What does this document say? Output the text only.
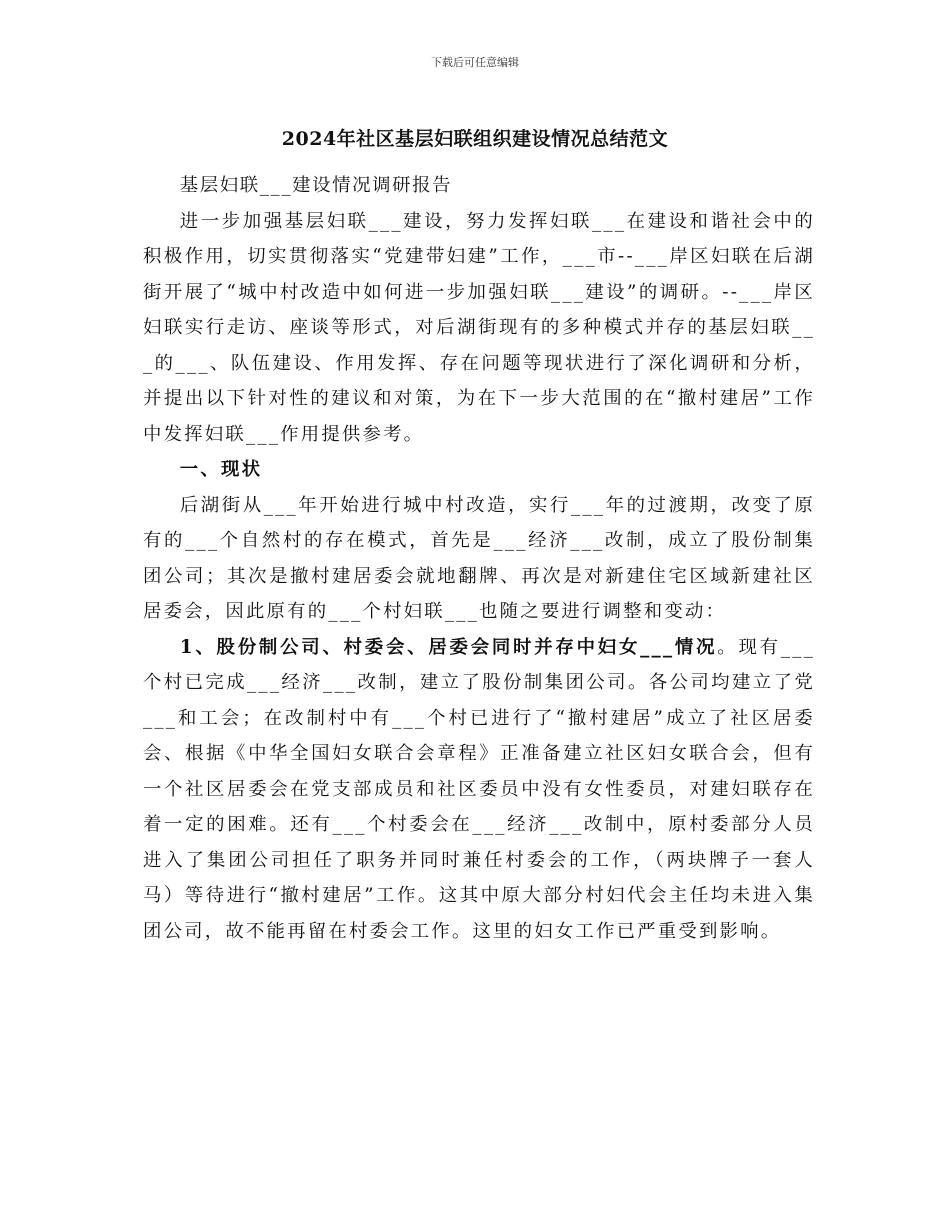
下载后可任意编辑
2024年社区基层妇联组织建设情况总结范文

基层妇联___建设情况调研报告

进一步加强基层妇联___建设，努力发挥妇联___在建设和谐社会中的积极作用，切实贯彻落实“党建带妇建”工作，___市--___岸区妇联在后湖街开展了“城中村改造中如何进一步加强妇联___建设”的调研。--___岸区妇联实行走访、座谈等形式，对后湖街现有的多种模式并存的基层妇联___的___、队伍建设、作用发挥、存在问题等现状进行了深化调研和分析，并提出以下针对性的建议和对策，为在下一步大范围的在“撤村建居”工作中发挥妇联___作用提供参考。

一、现状

后湖街从___年开始进行城中村改造，实行___年的过渡期，改变了原有的___个自然村的存在模式，首先是___经济___改制，成立了股份制集团公司；其次是撤村建居委会就地翻牌、再次是对新建住宅区域新建社区居委会，因此原有的___个村妇联___也随之要进行调整和变动：

1、股份制公司、村委会、居委会同时并存中妇女___情况。现有___个村已完成___经济___改制，建立了股份制集团公司。各公司均建立了党___和工会；在改制村中有___个村已进行了“撤村建居”成立了社区居委会、根据《中华全国妇女联合会章程》正准备建立社区妇女联合会，但有一个社区居委会在党支部成员和社区委员中没有女性委员，对建妇联存在着一定的困难。还有___个村委会在___经济___改制中，原村委部分人员进入了集团公司担任了职务并同时兼任村委会的工作，（两块牌子一套人马）等待进行“撤村建居”工作。这其中原大部分村妇代会主任均未进入集团公司，故不能再留在村委会工作。这里的妇女工作已严重受到影响。
